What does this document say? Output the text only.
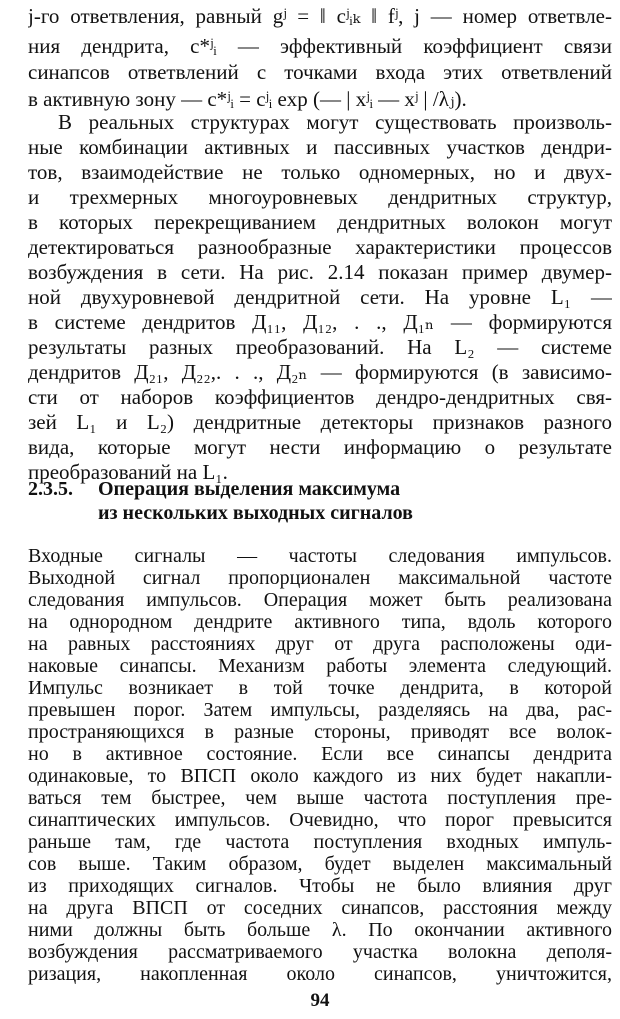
j-го ответвления, равный gʲ = ‖ cʲᵢₖ ‖ fʲ, j — номер ответвле-
ния дендрита, c*ʲᵢ — эффективный коэффициент связи
синапсов ответвлений с точками входа этих ответвлений
в активную зону — c*ʲᵢ = cʲᵢ exp (— | xʲᵢ — xʲ | /λⱼ).
В реальных структурах могут существовать произволь-
ные комбинации активных и пассивных участков дендри-
тов, взаимодействие не только одномерных, но и двух-
и трехмерных многоуровневых дендритных структур,
в которых перекрещиванием дендритных волокон могут
детектироваться разнообразные характеристики процессов
возбуждения в сети. На рис. 2.14 показан пример двумер-
ной двухуровневой дендритной сети. На уровне L₁ —
в системе дендритов Д₁₁, Д₁₂, . ., Д₁ₙ — формируются
результаты разных преобразований. На L₂ — системе
дендритов Д₂₁, Д₂₂,. . ., Д₂ₙ — формируются (в зависимо-
сти от наборов коэффициентов дендро-дендритных свя-
зей L₁ и L₂) дендритные детекторы признаков разного
вида, которые могут нести информацию о результате
преобразований на L₁.
2.3.5. Операция выделения максимума
из нескольких выходных сигналов
Входные сигналы — частоты следования импульсов.
Выходной сигнал пропорционален максимальной частоте
следования импульсов. Операция может быть реализована
на однородном дендрите активного типа, вдоль которого
на равных расстояниях друг от друга расположены оди-
наковые синапсы. Механизм работы элемента следующий.
Импульс возникает в той точке дендрита, в которой
превышен порог. Затем импульсы, разделяясь на два, рас-
пространяющихся в разные стороны, приводят все волок-
но в активное состояние. Если все синапсы дендрита
одинаковые, то ВПСП около каждого из них будет накапли-
ваться тем быстрее, чем выше частота поступления пре-
синаптических импульсов. Очевидно, что порог превысится
раньше там, где частота поступления входных импуль-
сов выше. Таким образом, будет выделен максимальный
из приходящих сигналов. Чтобы не было влияния друг
на друга ВПСП от соседних синапсов, расстояния между
ними должны быть больше λ. По окончании активного
возбуждения рассматриваемого участка волокна деполя-
ризация, накопленная около синапсов, уничтожится,
94
